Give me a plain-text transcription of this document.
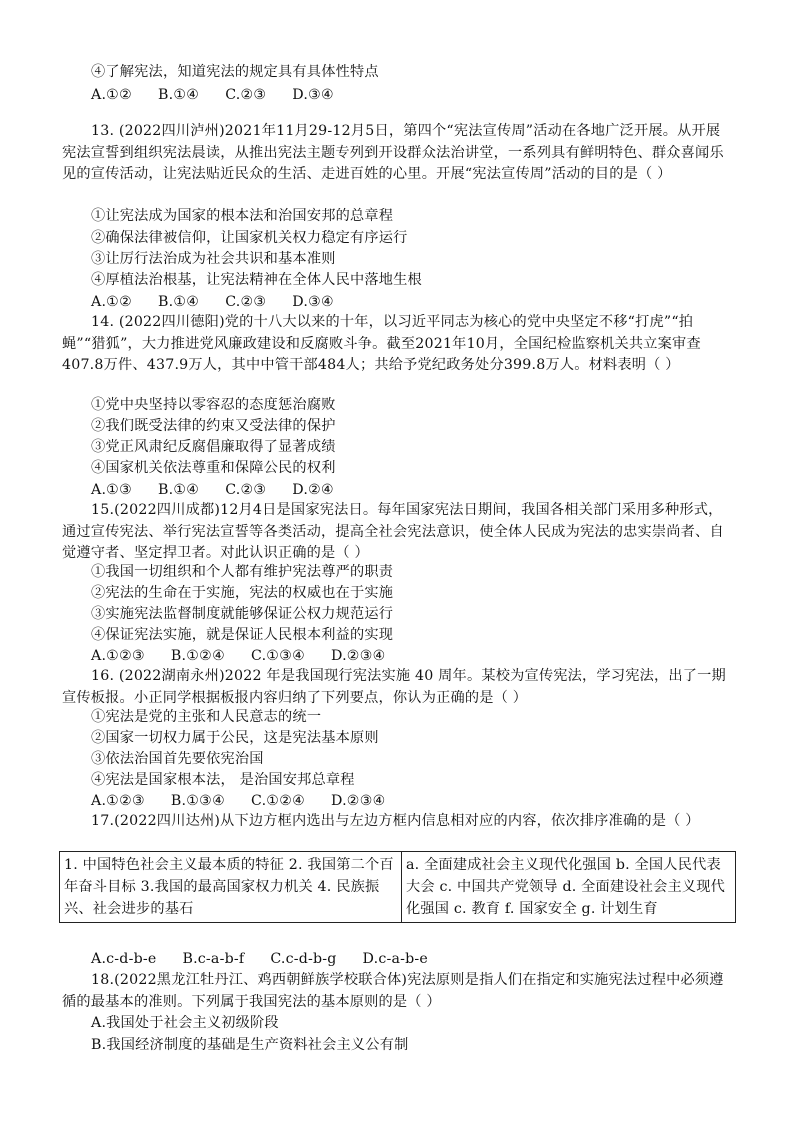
④了解宪法，知道宪法的规定具有具体性特点
A.①② B.①④ C.②③ D.③④
13. (2022四川泸州)2021年11月29-12月5日，第四个“宪法宣传周”活动在各地广泛开展。从开展宪法宣誓到组织宪法晨读，从推出宪法主题专列到开设群众法治讲堂，一系列具有鲜明特色、群众喜闻乐见的宣传活动，让宪法贴近民众的生活、走进百姓的心里。开展“宪法宣传周”活动的目的是（ ）
①让宪法成为国家的根本法和治国安邦的总章程
②确保法律被信仰，让国家机关权力稳定有序运行
③让厉行法治成为社会共识和基本准则
④厚植法治根基，让宪法精神在全体人民中落地生根
A.①② B.①④ C.②③ D.③④
14. (2022四川德阳)党的十八大以来的十年，以习近平同志为核心的党中央坚定不移“打虎”“拍蝇”“猎狐”，大力推进党风廉政建设和反腐败斗争。截至2021年10月，全国纪检监察机关共立案审查407.8万件、437.9万人，其中中管干部484人；共给予党纪政务处分399.8万人。材料表明（ ）
①党中央坚持以零容忍的态度惩治腐败
②我们既受法律的约束又受法律的保护
③党正风肃纪反腐倡廉取得了显著成绩
④国家机关依法尊重和保障公民的权利
A.①③ B.①④ C.②③ D.②④
15.(2022四川成都)12月4日是国家宪法日。每年国家宪法日期间，我国各相关部门采用多种形式，通过宣传宪法、举行宪法宣誓等各类活动，提高全社会宪法意识，使全体人民成为宪法的忠实崇尚者、自觉遵守者、坚定捍卫者。对此认识正确的是（ ）
①我国一切组织和个人都有维护宪法尊严的职责
②宪法的生命在于实施，宪法的权威也在于实施
③实施宪法监督制度就能够保证公权力规范运行
④保证宪法实施，就是保证人民根本利益的实现
A.①②③ B.①②④ C.①③④ D.②③④
16. (2022湖南永州)2022 年是我国现行宪法实施 40 周年。某校为宣传宪法，学习宪法，出了一期宣传板报。小正同学根据板报内容归纳了下列要点，你认为正确的是（ ）
①宪法是党的主张和人民意志的统一
②国家一切权力属于公民，这是宪法基本原则
③依法治国首先要依宪治国
④宪法是国家根本法， 是治国安邦总章程
A.①②③ B.①③④ C.①②④ D.②③④
17.(2022四川达州)从下边方框内选出与左边方框内信息相对应的内容，依次排序准确的是（ ）
1. 中国特色社会主义最本质的特征 2. 我国第二个百年奋斗目标 3.我国的最高国家权力机关 4. 民族振兴、社会进步的基石	a. 全面建成社会主义现代化强国 b. 全国人民代表大会 c. 中国共产党领导 d. 全面建设社会主义现代化强国 c. 教育 f. 国家安全 g. 计划生育
A.c-d-b-e B.c-a-b-f C.c-d-b-g D.c-a-b-e
18.(2022黑龙江牡丹江、鸡西朝鲜族学校联合体)宪法原则是指人们在指定和实施宪法过程中必须遵循的最基本的准则。下列属于我国宪法的基本原则的是（ ）
A.我国处于社会主义初级阶段
B.我国经济制度的基础是生产资料社会主义公有制
